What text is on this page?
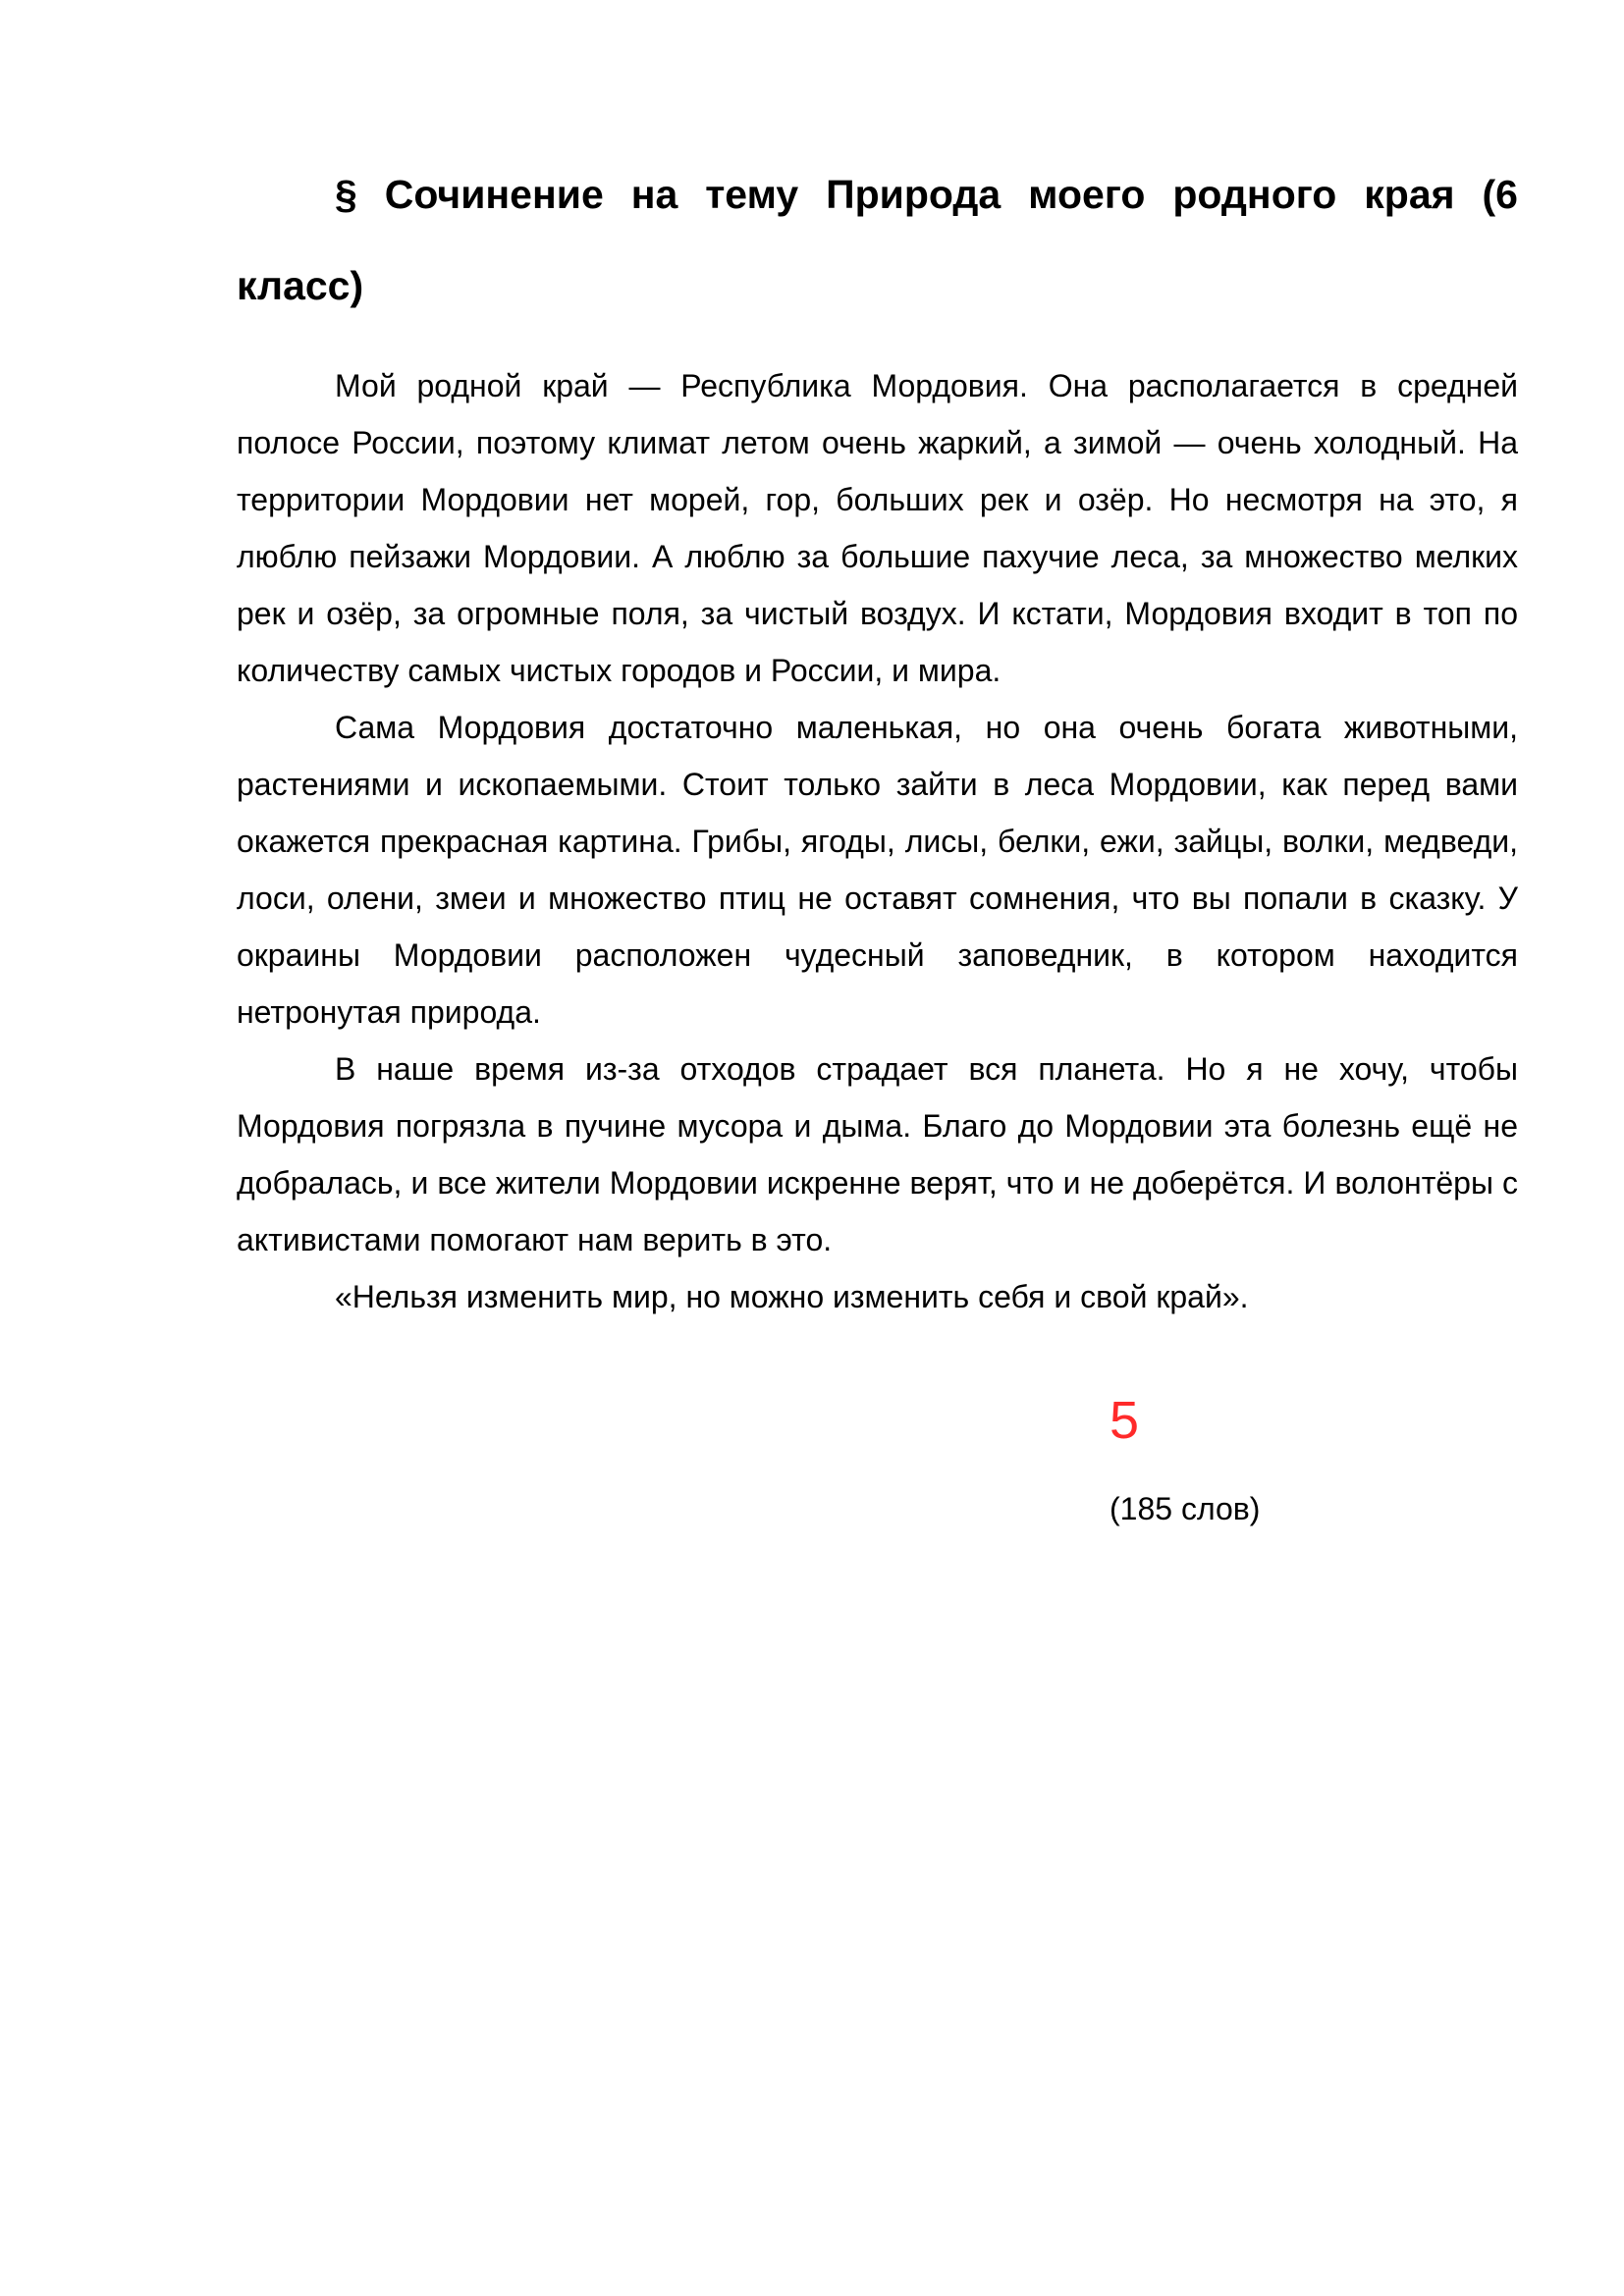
§ Сочинение на тему Природа моего родного края (6 класс)

Мой родной край — Республика Мордовия. Она располагается в средней полосе России, поэтому климат летом очень жаркий, а зимой — очень холодный. На территории Мордовии нет морей, гор, больших рек и озёр. Но несмотря на это, я люблю пейзажи Мордовии. А люблю за большие пахучие леса, за множество мелких рек и озёр, за огромные поля, за чистый воздух. И кстати, Мордовия входит в топ по количеству самых чистых городов и России, и мира.

Сама Мордовия достаточно маленькая, но она очень богата животными, растениями и ископаемыми. Стоит только зайти в леса Мордовии, как перед вами окажется прекрасная картина. Грибы, ягоды, лисы, белки, ежи, зайцы, волки, медведи, лоси, олени, змеи и множество птиц не оставят сомнения, что вы попали в сказку. У окраины Мордовии расположен чудесный заповедник, в котором находится нетронутая природа.

В наше время из-за отходов страдает вся планета. Но я не хочу, чтобы Мордовия погрязла в пучине мусора и дыма. Благо до Мордовии эта болезнь ещё не добралась, и все жители Мордовии искренне верят, что и не доберётся. И волонтёры с активистами помогают нам верить в это.

«Нельзя изменить мир, но можно изменить себя и свой край».

5
(185 слов)
